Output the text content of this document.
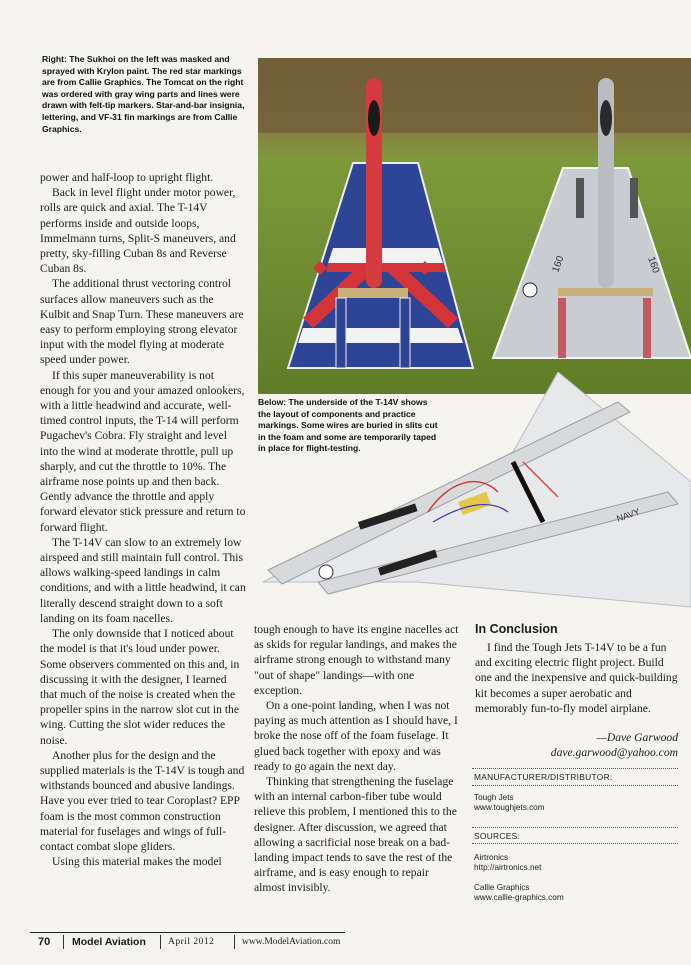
Right: The Sukhoi on the left was masked and sprayed with Krylon paint. The red star markings are from Callie Graphics. The Tomcat on the right was ordered with gray wing parts and lines were drawn with felt-tip markers. Star-and-bar insignia, lettering, and VF-31 fin markings are from Callie Graphics.
160	160
Below: The underside of the T-14V shows the layout of components and practice markings. Some wires are buried in slits cut in the foam and some are temporarily taped in place for flight-testing.
NAVY

power and half-loop to upright flight.

Back in level flight under motor power, rolls are quick and axial. The T-14V performs inside and outside loops, Immelmann turns, Split-S maneuvers, and pretty, sky-filling Cuban 8s and Reverse Cuban 8s.

The additional thrust vectoring control surfaces allow maneuvers such as the Kulbit and Snap Turn. These maneuvers are easy to perform employing strong elevator input with the model flying at moderate speed under power.

If this super maneuverability is not enough for you and your amazed onlookers, with a little headwind and accurate, well-timed control inputs, the T-14 will perform Pugachev's Cobra. Fly straight and level into the wind at moderate throttle, pull up sharply, and cut the throttle to 10%. The airframe nose points up and then back. Gently advance the throttle and apply forward elevator stick pressure and return to forward flight.

The T-14V can slow to an extremely low airspeed and still maintain full control. This allows walking-speed landings in calm conditions, and with a little headwind, it can literally descend straight down to a soft landing on its foam nacelles.

The only downside that I noticed about the model is that it's loud under power. Some observers commented on this and, in discussing it with the designer, I learned that much of the noise is created when the propeller spins in the narrow slot cut in the wing. Cutting the slot wider reduces the noise.

Another plus for the design and the supplied materials is the T-14V is tough and withstands bounced and abusive landings. Have you ever tried to tear Coroplast? EPP foam is the most common construction material for fuselages and wings of full-contact combat slope gliders.

Using this material makes the model

tough enough to have its engine nacelles act as skids for regular landings, and makes the airframe strong enough to withstand many "out of shape" landings—with one exception.

On a one-point landing, when I was not paying as much attention as I should have, I broke the nose off of the foam fuselage. It glued back together with epoxy and was ready to go again the next day.

Thinking that strengthening the fuselage with an internal carbon-fiber tube would relieve this problem, I mentioned this to the designer. After discussion, we agreed that allowing a sacrificial nose break on a bad-landing impact tends to save the rest of the airframe, and is easy enough to repair almost invisibly.

In Conclusion

I find the Tough Jets T-14V to be a fun and exciting electric flight project. Build one and the inexpensive and quick-building kit becomes a super aerobatic and memorably fun-to-fly model airplane.

—Dave Garwood
dave.garwood@yahoo.com
MANUFACTURER/DISTRIBUTOR:
Tough Jets
www.toughjets.com
SOURCES:
Airtronics
http://airtronics.net
Callie Graphics
www.callie-graphics.com
70 Model Aviation April 2012	www.ModelAviation.com
